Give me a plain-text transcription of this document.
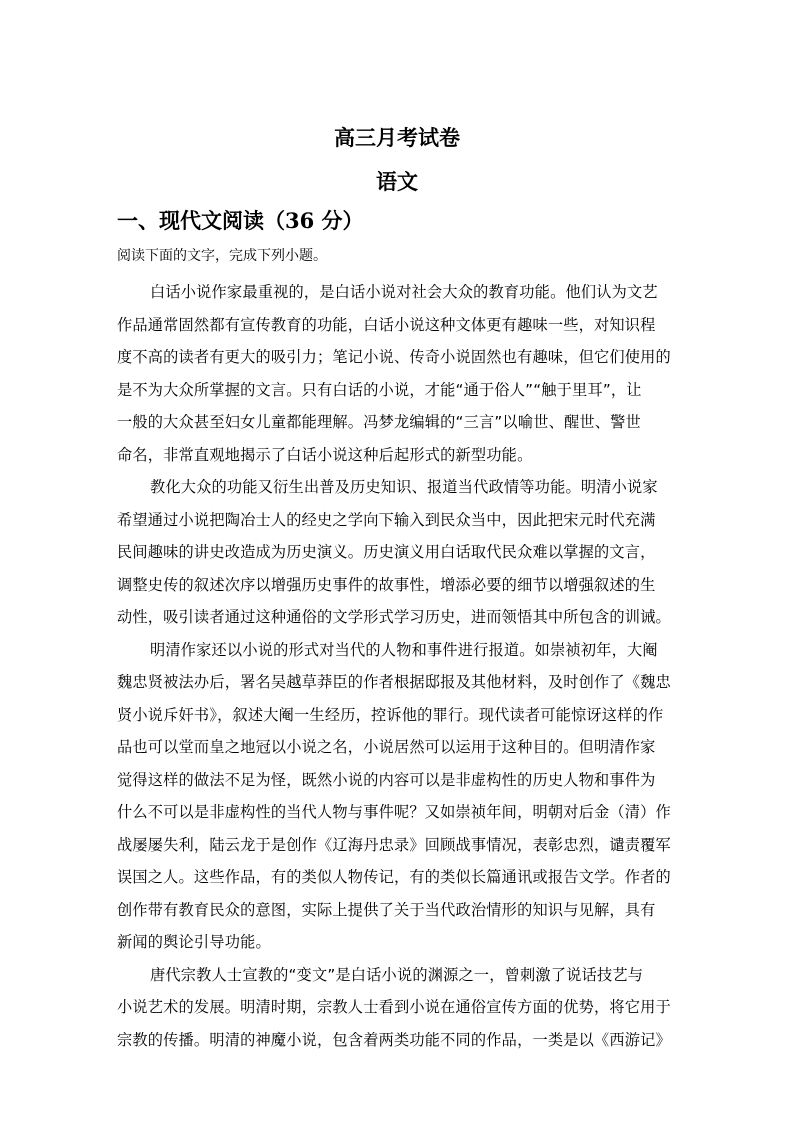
高三月考试卷
语文
一、现代文阅读（36 分）
阅读下面的文字，完成下列小题。
白话小说作家最重视的，是白话小说对社会大众的教育功能。他们认为文艺
作品通常固然都有宣传教育的功能，白话小说这种文体更有趣味一些，对知识程
度不高的读者有更大的吸引力；笔记小说、传奇小说固然也有趣味，但它们使用的
是不为大众所掌握的文言。只有白话的小说，才能“通于俗人”“触于里耳”，让
一般的大众甚至妇女儿童都能理解。冯梦龙编辑的“三言”以喻世、醒世、警世
命名，非常直观地揭示了白话小说这种后起形式的新型功能。
教化大众的功能又衍生出普及历史知识、报道当代政情等功能。明清小说家
希望通过小说把陶冶士人的经史之学向下输入到民众当中，因此把宋元时代充满
民间趣味的讲史改造成为历史演义。历史演义用白话取代民众难以掌握的文言，
调整史传的叙述次序以增强历史事件的故事性，增添必要的细节以增强叙述的生
动性，吸引读者通过这种通俗的文学形式学习历史，进而领悟其中所包含的训诫。
明清作家还以小说的形式对当代的人物和事件进行报道。如崇祯初年，大阉
魏忠贤被法办后，署名吴越草莽臣的作者根据邸报及其他材料，及时创作了《魏忠
贤小说斥奸书》，叙述大阉一生经历，控诉他的罪行。现代读者可能惊讶这样的作
品也可以堂而皇之地冠以小说之名，小说居然可以运用于这种目的。但明清作家
觉得这样的做法不足为怪，既然小说的内容可以是非虚构性的历史人物和事件为
什么不可以是非虚构性的当代人物与事件呢？又如崇祯年间，明朝对后金（清）作
战屡屡失利，陆云龙于是创作《辽海丹忠录》回顾战事情况，表彰忠烈，谴责覆军
误国之人。这些作品，有的类似人物传记，有的类似长篇通讯或报告文学。作者的
创作带有教育民众的意图，实际上提供了关于当代政治情形的知识与见解，具有
新闻的舆论引导功能。
唐代宗教人士宣教的“变文”是白话小说的渊源之一，曾刺激了说话技艺与
小说艺术的发展。明清时期，宗教人士看到小说在通俗宣传方面的优势，将它用于
宗教的传播。明清的神魔小说，包含着两类功能不同的作品，一类是以《西游记》
